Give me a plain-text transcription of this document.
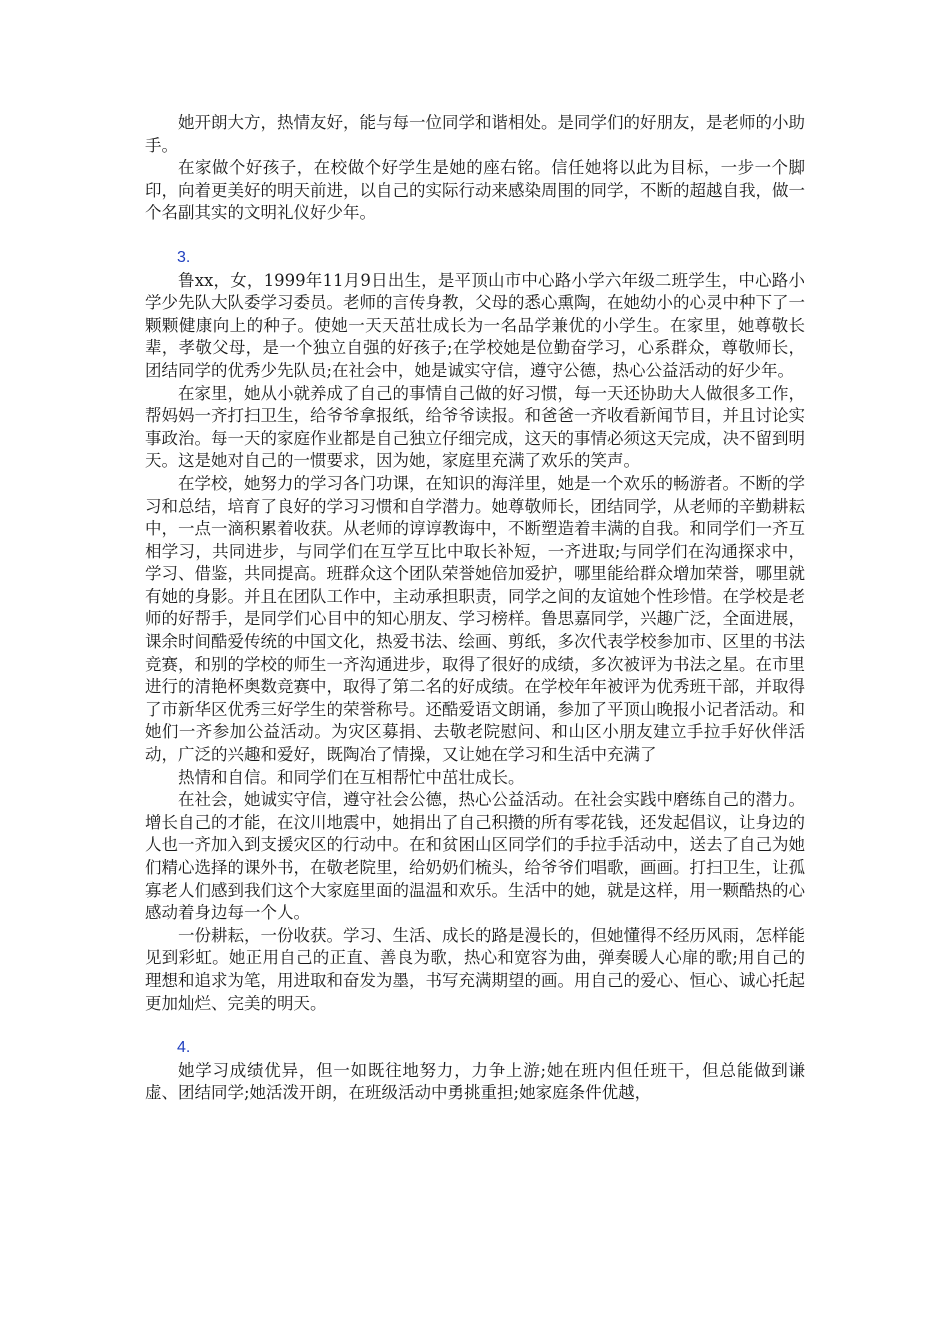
她开朗大方，热情友好，能与每一位同学和谐相处。是同学们的好朋友，是老师的小助手。

在家做个好孩子，在校做个好学生是她的座右铭。信任她将以此为目标，一步一个脚印，向着更美好的明天前进，以自己的实际行动来感染周围的同学，不断的超越自我，做一个名副其实的文明礼仪好少年。

3.

鲁xx，女，1999年11月9日出生，是平顶山市中心路小学六年级二班学生，中心路小学少先队大队委学习委员。老师的言传身教，父母的悉心熏陶，在她幼小的心灵中种下了一颗颗健康向上的种子。使她一天天茁壮成长为一名品学兼优的小学生。在家里，她尊敬长辈，孝敬父母，是一个独立自强的好孩子;在学校她是位勤奋学习，心系群众，尊敬师长，团结同学的优秀少先队员;在社会中，她是诚实守信，遵守公德，热心公益活动的好少年。

在家里，她从小就养成了自己的事情自己做的好习惯，每一天还协助大人做很多工作，帮妈妈一齐打扫卫生，给爷爷拿报纸，给爷爷读报。和爸爸一齐收看新闻节目，并且讨论实事政治。每一天的家庭作业都是自己独立仔细完成，这天的事情必须这天完成，决不留到明天。这是她对自己的一惯要求，因为她，家庭里充满了欢乐的笑声。

在学校，她努力的学习各门功课，在知识的海洋里，她是一个欢乐的畅游者。不断的学习和总结，培育了良好的学习习惯和自学潜力。她尊敬师长，团结同学，从老师的辛勤耕耘中，一点一滴积累着收获。从老师的谆谆教诲中，不断塑造着丰满的自我。和同学们一齐互相学习，共同进步，与同学们在互学互比中取长补短，一齐进取;与同学们在沟通探求中，学习、借鉴，共同提高。班群众这个团队荣誉她倍加爱护，哪里能给群众增加荣誉，哪里就有她的身影。并且在团队工作中，主动承担职责，同学之间的友谊她个性珍惜。在学校是老师的好帮手，是同学们心目中的知心朋友、学习榜样。鲁思嘉同学，兴趣广泛，全面进展，课余时间酷爱传统的中国文化，热爱书法、绘画、剪纸，多次代表学校参加市、区里的书法竞赛，和别的学校的师生一齐沟通进步，取得了很好的成绩，多次被评为书法之星。在市里进行的清艳杯奥数竞赛中，取得了第二名的好成绩。在学校年年被评为优秀班干部，并取得了市新华区优秀三好学生的荣誉称号。还酷爱语文朗诵，参加了平顶山晚报小记者活动。和她们一齐参加公益活动。为灾区募捐、去敬老院慰问、和山区小朋友建立手拉手好伙伴活动，广泛的兴趣和爱好，既陶冶了情操，又让她在学习和生活中充满了

热情和自信。和同学们在互相帮忙中茁壮成长。

在社会，她诚实守信，遵守社会公德，热心公益活动。在社会实践中磨练自己的潜力。增长自己的才能，在汶川地震中，她捐出了自己积攒的所有零花钱，还发起倡议，让身边的人也一齐加入到支援灾区的行动中。在和贫困山区同学们的手拉手活动中，送去了自己为她们精心选择的课外书，在敬老院里，给奶奶们梳头，给爷爷们唱歌，画画。打扫卫生，让孤寡老人们感到我们这个大家庭里面的温温和欢乐。生活中的她，就是这样，用一颗酷热的心感动着身边每一个人。

一份耕耘，一份收获。学习、生活、成长的路是漫长的，但她懂得不经历风雨，怎样能见到彩虹。她正用自己的正直、善良为歌，热心和宽容为曲，弹奏暖人心扉的歌;用自己的理想和追求为笔，用进取和奋发为墨，书写充满期望的画。用自己的爱心、恒心、诚心托起更加灿烂、完美的明天。

4.

她学习成绩优异，但一如既往地努力，力争上游;她在班内但任班干，但总能做到谦虚、团结同学;她活泼开朗，在班级活动中勇挑重担;她家庭条件优越，
